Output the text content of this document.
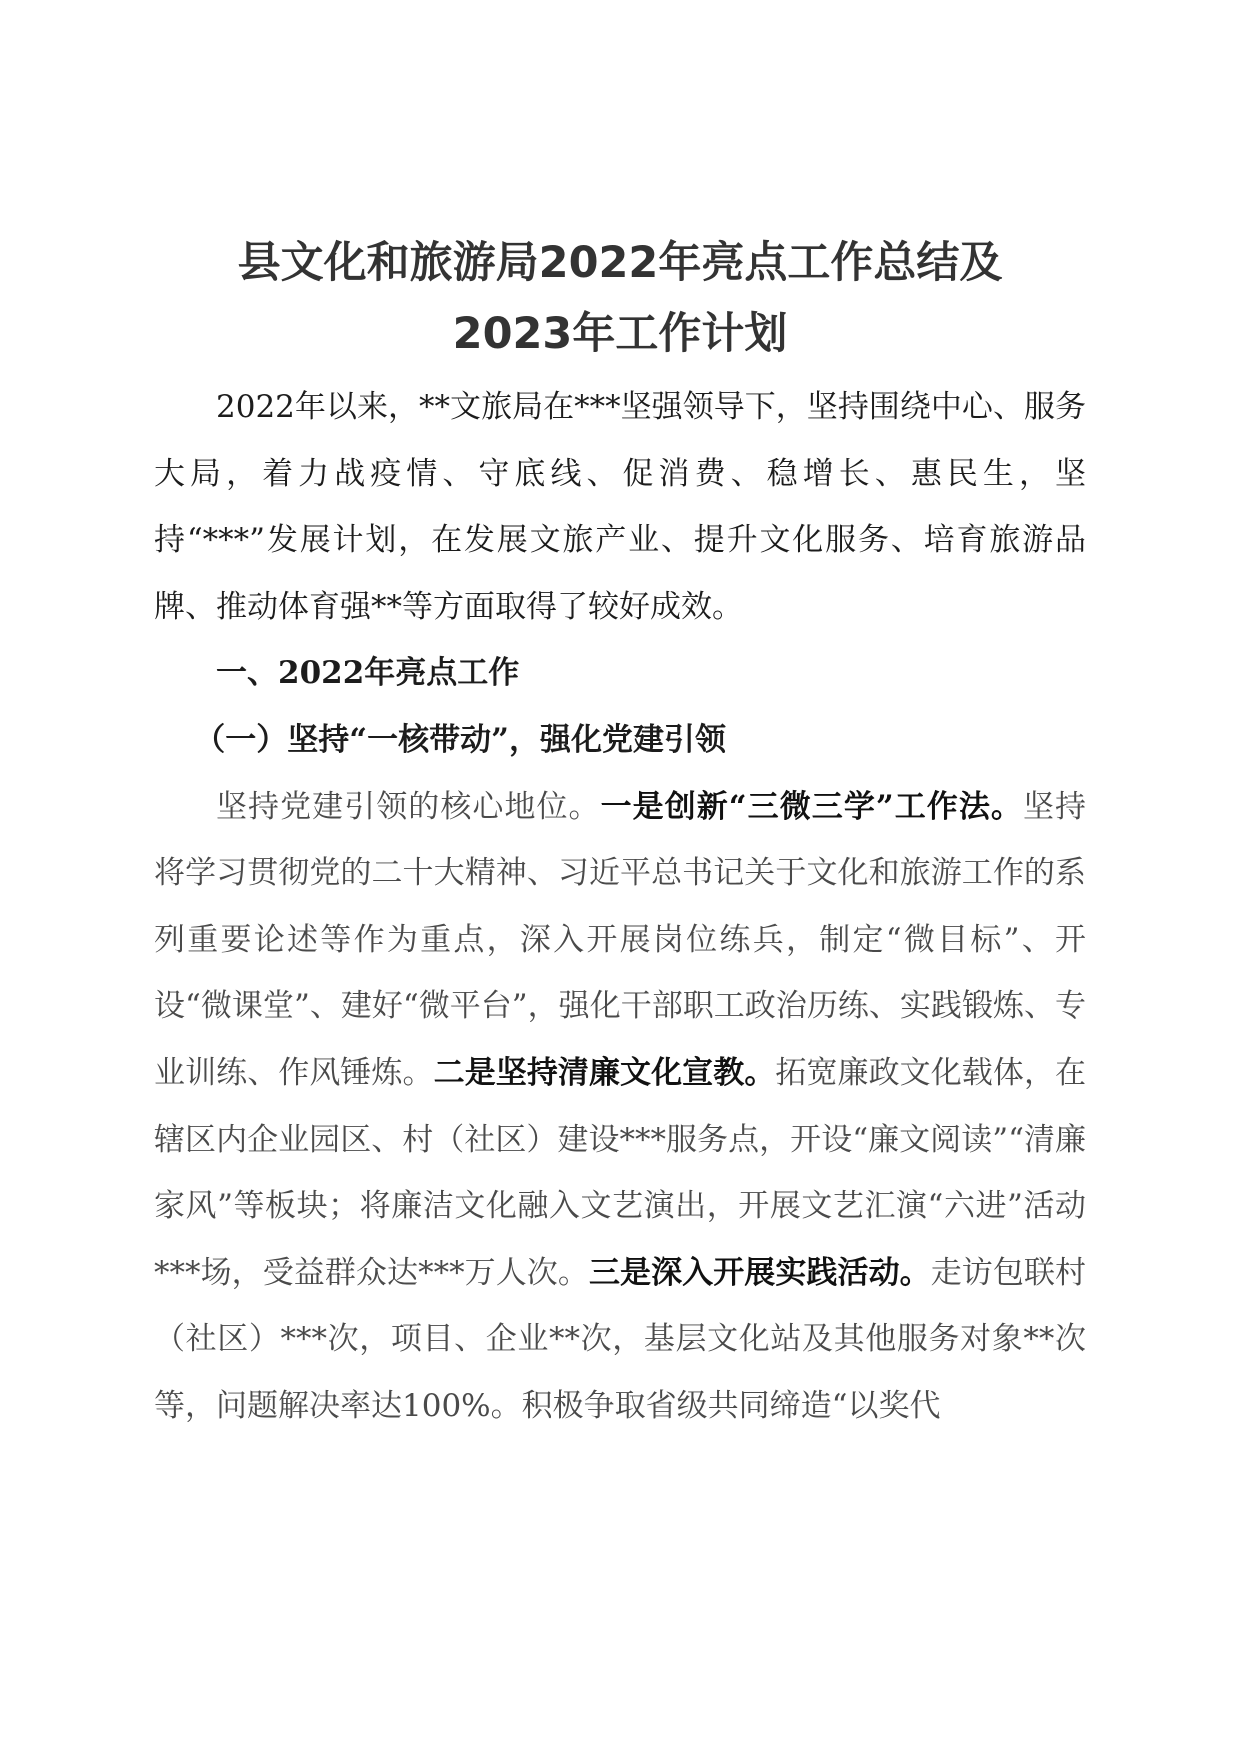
县文化和旅游局2022年亮点工作总结及
2023年工作计划

2022年以来，**文旅局在***坚强领导下，坚持围绕中心、服务大局，着力战疫情、守底线、促消费、稳增长、惠民生，坚持“***”发展计划，在发展文旅产业、提升文化服务、培育旅游品牌、推动体育强**等方面取得了较好成效。

一、2022年亮点工作

（一）坚持“一核带动”，强化党建引领

坚持党建引领的核心地位。一是创新“三微三学”工作法。坚持将学习贯彻党的二十大精神、习近平总书记关于文化和旅游工作的系列重要论述等作为重点，深入开展岗位练兵，制定“微目标”、开设“微课堂”、建好“微平台”，强化干部职工政治历练、实践锻炼、专业训练、作风锤炼。二是坚持清廉文化宣教。拓宽廉政文化载体，在辖区内企业园区、村（社区）建设***服务点，开设“廉文阅读”“清廉家风”等板块；将廉洁文化融入文艺演出，开展文艺汇演“六进”活动***场，受益群众达***万人次。三是深入开展实践活动。走访包联村（社区）***次，项目、企业**次，基层文化站及其他服务对象**次等，问题解决率达100%。积极争取省级共同缔造“以奖代
